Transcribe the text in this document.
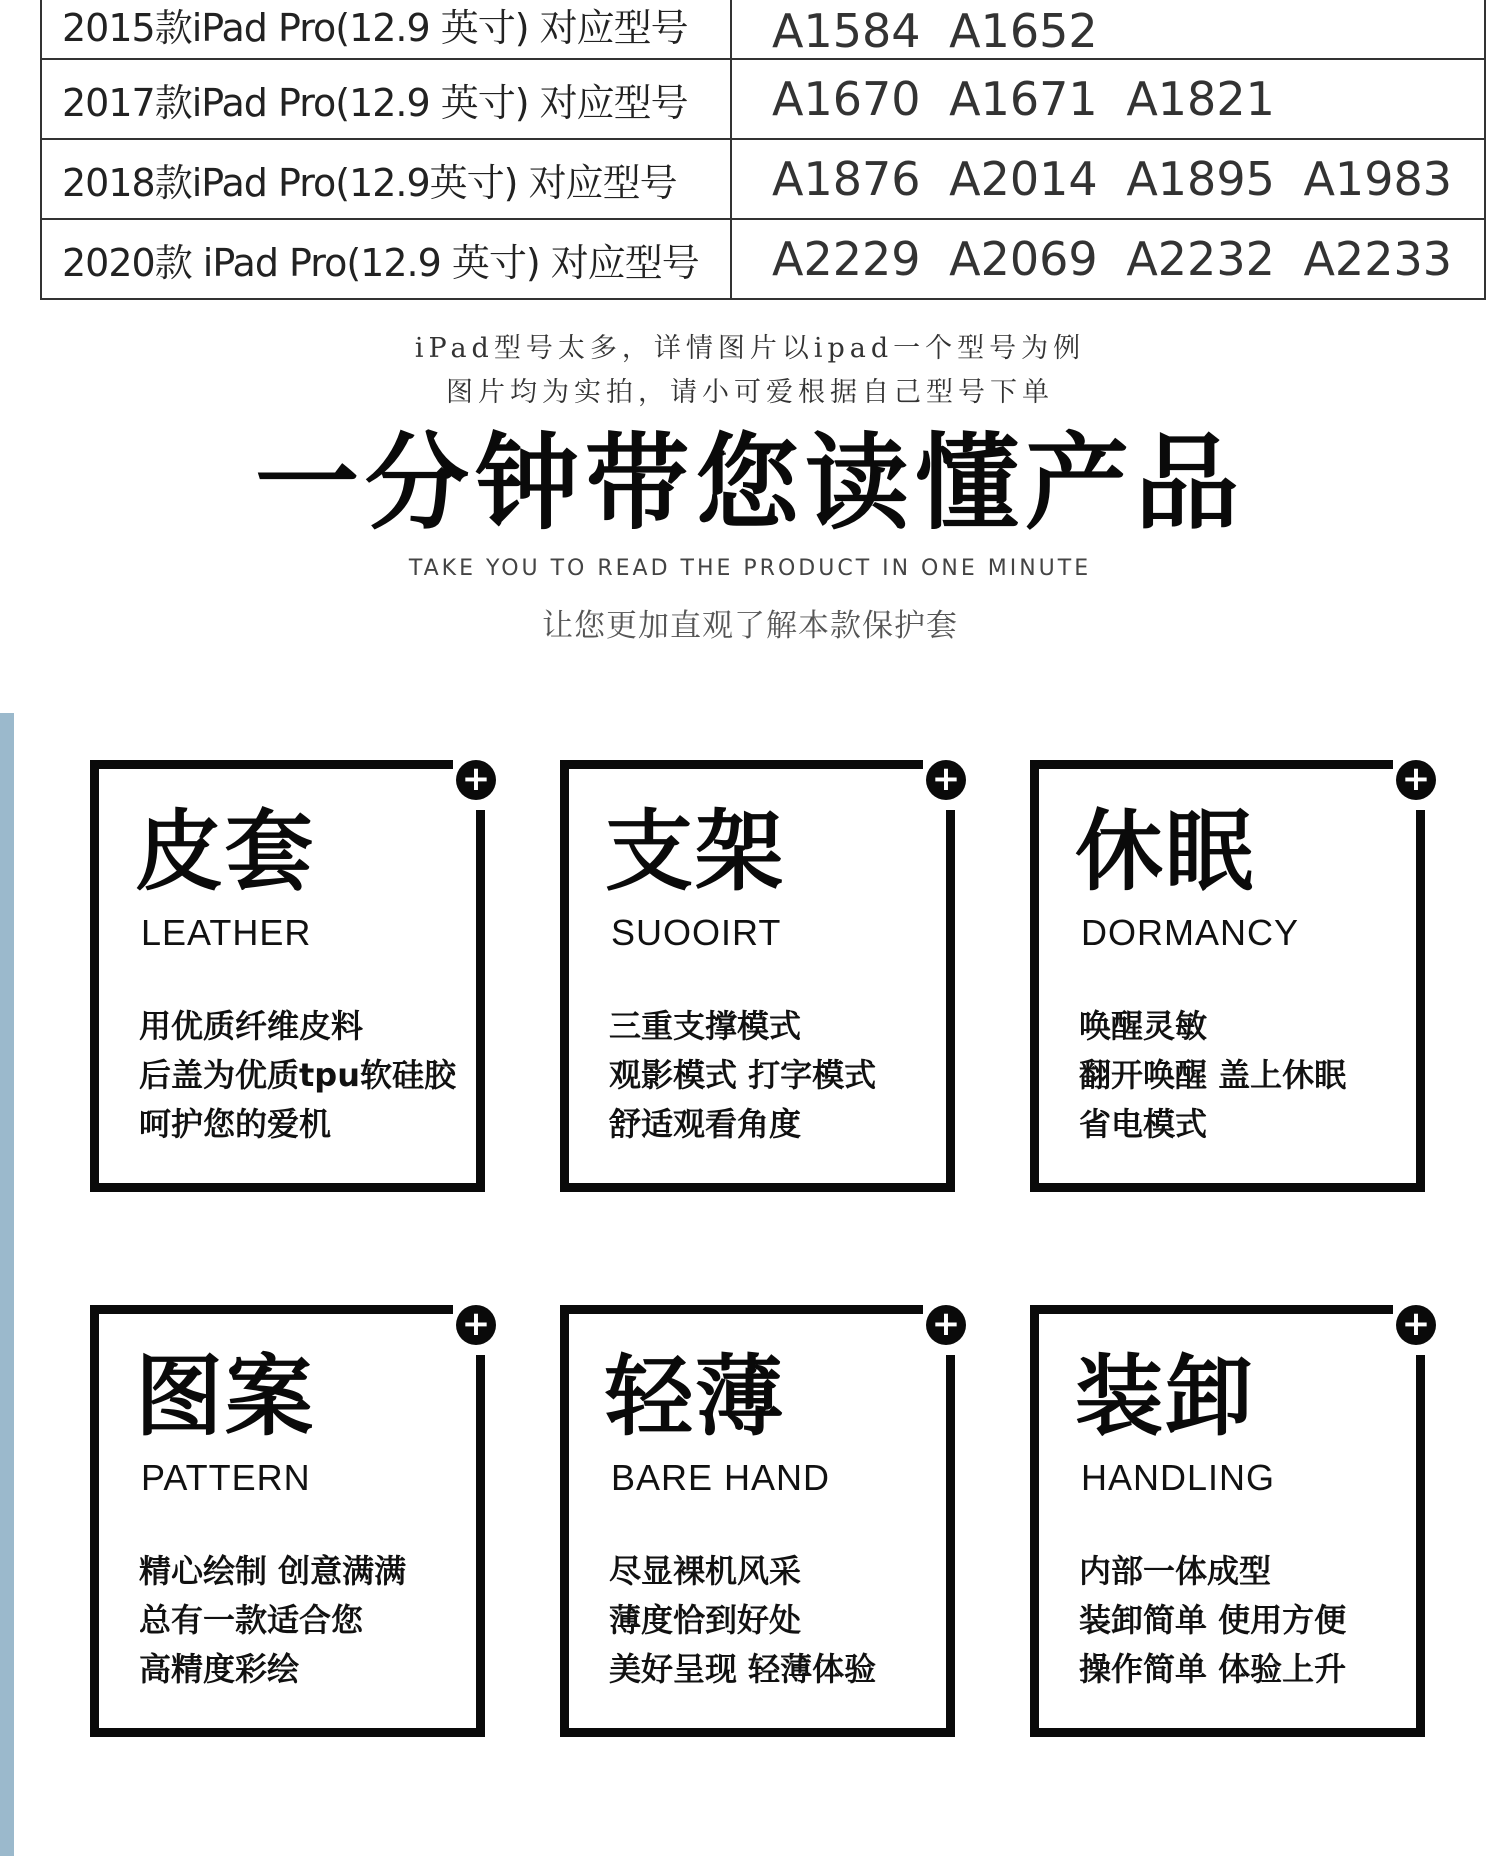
2015款iPad Pro(12.9 英寸) 对应型号	A1584 A1652
2017款iPad Pro(12.9 英寸) 对应型号	A1670 A1671 A1821
2018款iPad Pro(12.9英寸) 对应型号	A1876 A2014 A1895 A1983
2020款 iPad Pro(12.9 英寸) 对应型号	A2229 A2069 A2232 A2233
iPad型号太多，详情图片以ipad一个型号为例
图片均为实拍，请小可爱根据自己型号下单
一分钟带您读懂产品
TAKE YOU TO READ THE PRODUCT IN ONE MINUTE
让您更加直观了解本款保护套
+
皮套
LEATHER
用优质纤维皮料
后盖为优质tpu软硅胶
呵护您的爱机
+
支架
SUOOIRT
三重支撑模式
观影模式 打字模式
舒适观看角度
+
休眠
DORMANCY
唤醒灵敏
翻开唤醒 盖上休眠
省电模式
+
图案
PATTERN
精心绘制 创意满满
总有一款适合您
高精度彩绘
+
轻薄
BARE HAND
尽显裸机风采
薄度恰到好处
美好呈现 轻薄体验
+
装卸
HANDLING
内部一体成型
装卸简单 使用方便
操作简单 体验上升
